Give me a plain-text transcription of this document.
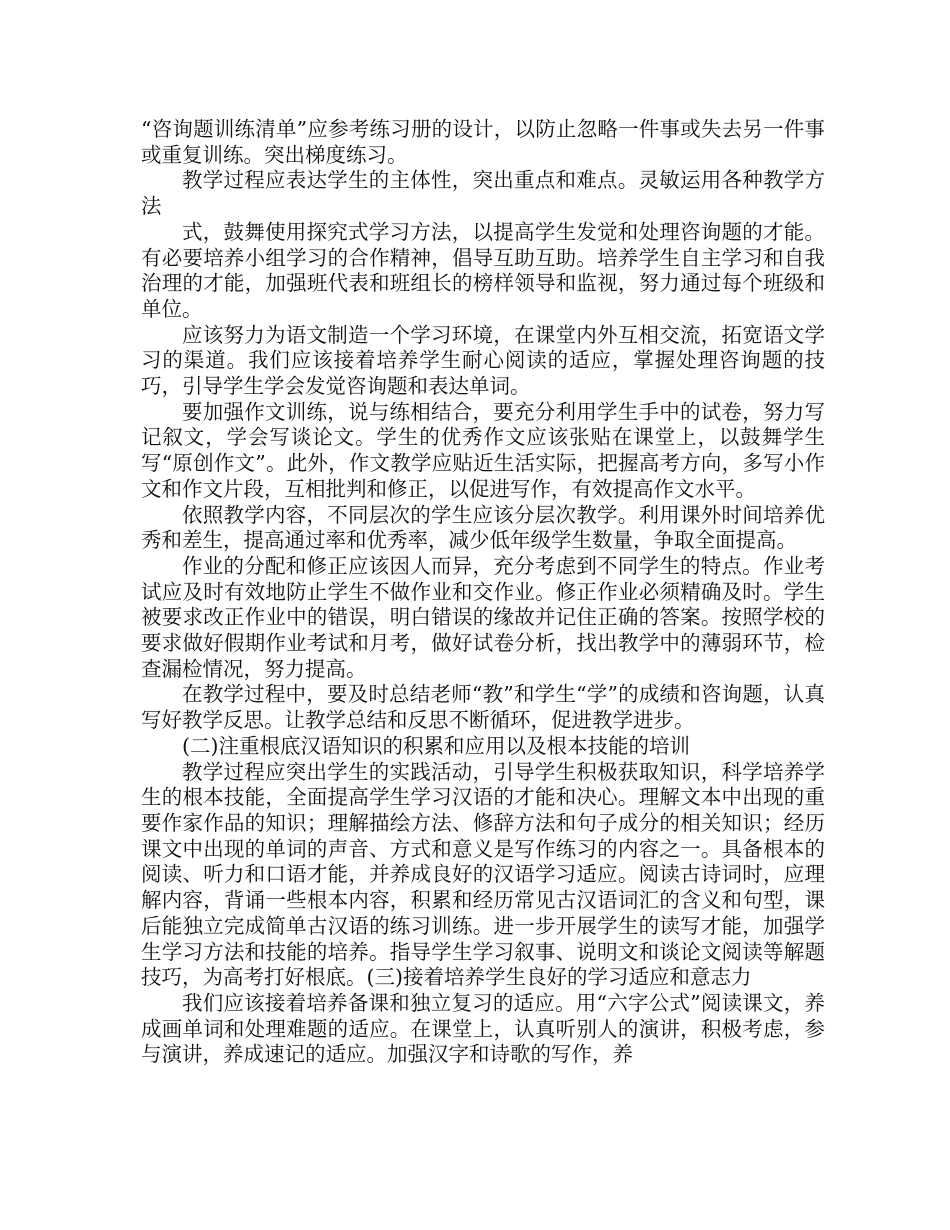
“咨询题训练清单”应参考练习册的设计，以防止忽略一件事或失去另一件事或重复训练。突出梯度练习。

教学过程应表达学生的主体性，突出重点和难点。灵敏运用各种教学方法

式，鼓舞使用探究式学习方法，以提高学生发觉和处理咨询题的才能。有必要培养小组学习的合作精神，倡导互助互助。培养学生自主学习和自我治理的才能，加强班代表和班组长的榜样领导和监视，努力通过每个班级和单位。

应该努力为语文制造一个学习环境，在课堂内外互相交流，拓宽语文学习的渠道。我们应该接着培养学生耐心阅读的适应，掌握处理咨询题的技巧，引导学生学会发觉咨询题和表达单词。

要加强作文训练，说与练相结合，要充分利用学生手中的试卷，努力写记叙文，学会写谈论文。学生的优秀作文应该张贴在课堂上，以鼓舞学生写“原创作文”。此外，作文教学应贴近生活实际，把握高考方向，多写小作文和作文片段，互相批判和修正，以促进写作，有效提高作文水平。

依照教学内容，不同层次的学生应该分层次教学。利用课外时间培养优秀和差生，提高通过率和优秀率，减少低年级学生数量，争取全面提高。

作业的分配和修正应该因人而异，充分考虑到不同学生的特点。作业考试应及时有效地防止学生不做作业和交作业。修正作业必须精确及时。学生被要求改正作业中的错误，明白错误的缘故并记住正确的答案。按照学校的要求做好假期作业考试和月考，做好试卷分析，找出教学中的薄弱环节，检查漏检情况，努力提高。

在教学过程中，要及时总结老师“教”和学生“学”的成绩和咨询题，认真写好教学反思。让教学总结和反思不断循环，促进教学进步。

(二)注重根底汉语知识的积累和应用以及根本技能的培训

教学过程应突出学生的实践活动，引导学生积极获取知识，科学培养学生的根本技能，全面提高学生学习汉语的才能和决心。理解文本中出现的重要作家作品的知识；理解描绘方法、修辞方法和句子成分的相关知识；经历课文中出现的单词的声音、方式和意义是写作练习的内容之一。具备根本的阅读、听力和口语才能，并养成良好的汉语学习适应。阅读古诗词时，应理解内容，背诵一些根本内容，积累和经历常见古汉语词汇的含义和句型，课后能独立完成简单古汉语的练习训练。进一步开展学生的读写才能，加强学生学习方法和技能的培养。指导学生学习叙事、说明文和谈论文阅读等解题技巧，为高考打好根底。(三)接着培养学生良好的学习适应和意志力

我们应该接着培养备课和独立复习的适应。用“六字公式”阅读课文，养成画单词和处理难题的适应。在课堂上，认真听别人的演讲，积极考虑，参与演讲，养成速记的适应。加强汉字和诗歌的写作，养
